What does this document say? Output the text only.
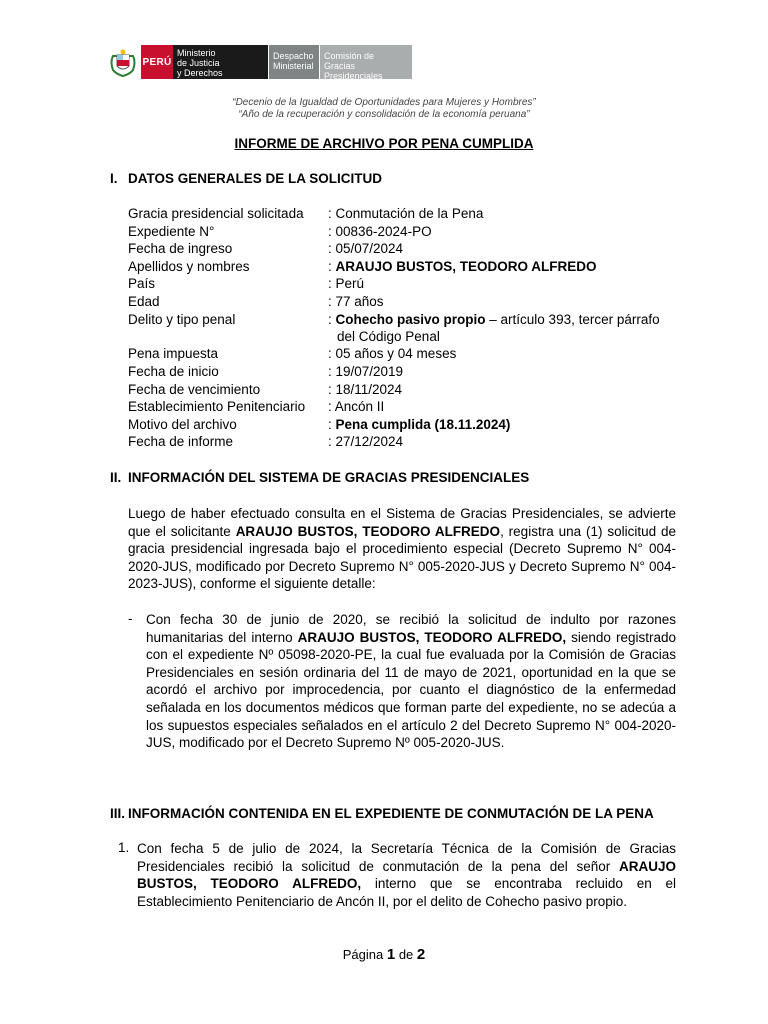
PERÚ
Ministerio
de Justicia
y Derechos Humanos
Despacho
Ministerial
Comisión de
Gracias Presidenciales
“Decenio de la Igualdad de Oportunidades para Mujeres y Hombres”
“Año de la recuperación y consolidación de la economía peruana”
INFORME DE ARCHIVO POR PENA CUMPLIDA
I. DATOS GENERALES DE LA SOLICITUD
Gracia presidencial solicitada : Conmutación de la Pena
Expediente N°	: 00836-2024-PO
Fecha de ingreso	: 05/07/2024
Apellidos y nombres	: ARAUJO BUSTOS, TEODORO ALFREDO
País	: Perú
Edad	: 77 años
Delito y tipo penal	: Cohecho pasivo propio – artículo 393, tercer párrafo
del Código Penal
Pena impuesta	: 05 años y 04 meses
Fecha de inicio	: 19/07/2019
Fecha de vencimiento	: 18/11/2024
Establecimiento Penitenciario : Ancón II
Motivo del archivo	: Pena cumplida (18.11.2024)
Fecha de informe	: 27/12/2024
II. INFORMACIÓN DEL SISTEMA DE GRACIAS PRESIDENCIALES
Luego de haber efectuado consulta en el Sistema de Gracias Presidenciales, se advierte que el solicitante ARAUJO BUSTOS, TEODORO ALFREDO, registra una (1) solicitud de gracia presidencial ingresada bajo el procedimiento especial (Decreto Supremo N° 004-2020-JUS, modificado por Decreto Supremo N° 005-2020-JUS y Decreto Supremo N° 004-2023-JUS), conforme el siguiente detalle:
- Con fecha 30 de junio de 2020, se recibió la solicitud de indulto por razones humanitarias del interno ARAUJO BUSTOS, TEODORO ALFREDO, siendo registrado con el expediente Nº 05098-2020-PE, la cual fue evaluada por la Comisión de Gracias Presidenciales en sesión ordinaria del 11 de mayo de 2021, oportunidad en la que se acordó el archivo por improcedencia, por cuanto el diagnóstico de la enfermedad señalada en los documentos médicos que forman parte del expediente, no se adecúa a los supuestos especiales señalados en el artículo 2 del Decreto Supremo N° 004-2020-JUS, modificado por el Decreto Supremo Nº 005-2020-JUS.
III. INFORMACIÓN CONTENIDA EN EL EXPEDIENTE DE CONMUTACIÓN DE LA PENA
1. Con fecha 5 de julio de 2024, la Secretaría Técnica de la Comisión de Gracias Presidenciales recibió la solicitud de conmutación de la pena del señor ARAUJO BUSTOS, TEODORO ALFREDO, interno que se encontraba recluido en el Establecimiento Penitenciario de Ancón II, por el delito de Cohecho pasivo propio.
Página 1 de 2
